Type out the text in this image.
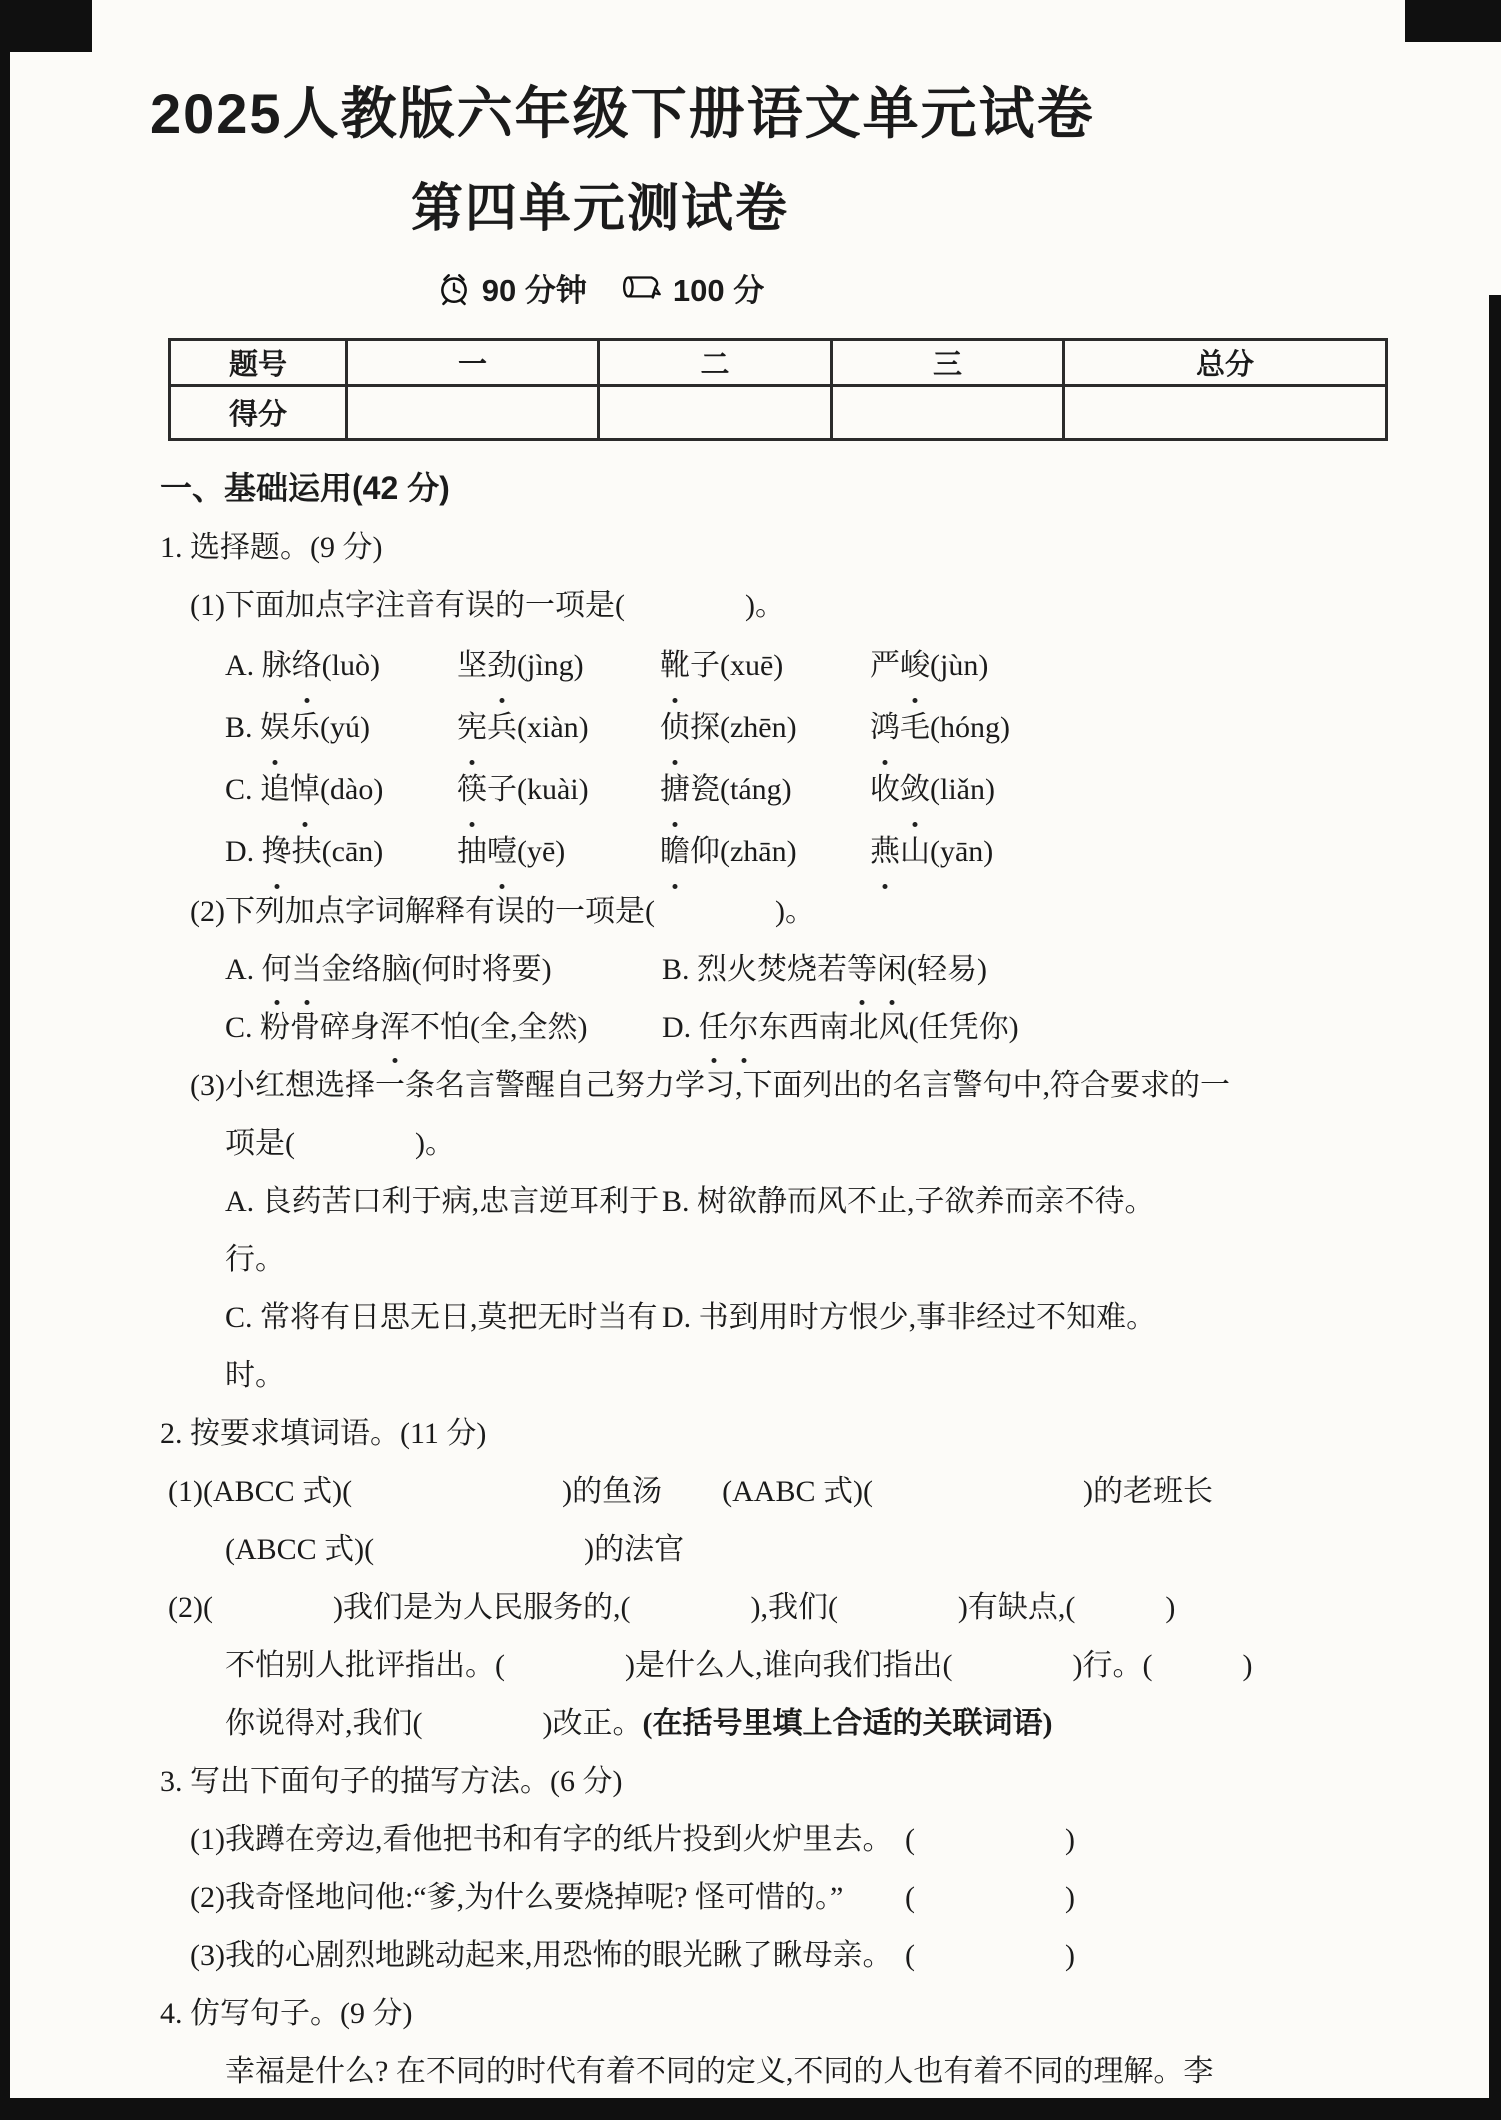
2025人教版六年级下册语文单元试卷
第四单元测试卷
90 分钟	100 分
题号	一	二	三	总分
得分				
一、基础运用(42 分)
1. 选择题。(9 分)
(1)下面加点字注音有误的一项是(　　　　)。
A. 脉络(luò)	坚劲(jìng)	靴子(xuē)	严峻(jùn)
B. 娱乐(yú)	宪兵(xiàn)	侦探(zhēn)	鸿毛(hóng)
C. 追悼(dào)	筷子(kuài)	搪瓷(táng)	收敛(liǎn)
D. 搀扶(cān)	抽噎(yē)	瞻仰(zhān)	燕山(yān)
(2)下列加点字词解释有误的一项是(　　　　)。
A. 何当金络脑(何时将要)	B. 烈火焚烧若等闲(轻易)
C. 粉骨碎身浑不怕(全,全然)	D. 任尔东西南北风(任凭你)
(3)小红想选择一条名言警醒自己努力学习,下面列出的名言警句中,符合要求的一
项是(　　　　)。
A. 良药苦口利于病,忠言逆耳利于行。
B. 树欲静而风不止,子欲养而亲不待。
C. 常将有日思无日,莫把无时当有时。
D. 书到用时方恨少,事非经过不知难。
2. 按要求填词语。(11 分)
(1)(ABCC 式)(　　　　　　　)的鱼汤　　(AABC 式)(　　　　　　　)的老班长
(ABCC 式)(　　　　　　　)的法官
(2)(　　　　)我们是为人民服务的,(　　　　),我们(　　　　)有缺点,(　　　)
不怕别人批评指出。(　　　　)是什么人,谁向我们指出(　　　　)行。(　　　)
你说得对,我们(　　　　)改正。(在括号里填上合适的关联词语)
3. 写出下面句子的描写方法。(6 分)
(1)我蹲在旁边,看他把书和有字的纸片投到火炉里去。 (　　　　　)
(2)我奇怪地问他:“爹,为什么要烧掉呢? 怪可惜的。” (　　　　　)
(3)我的心剧烈地跳动起来,用恐怖的眼光瞅了瞅母亲。 (　　　　　)
4. 仿写句子。(9 分)
幸福是什么? 在不同的时代有着不同的定义,不同的人也有着不同的理解。李
